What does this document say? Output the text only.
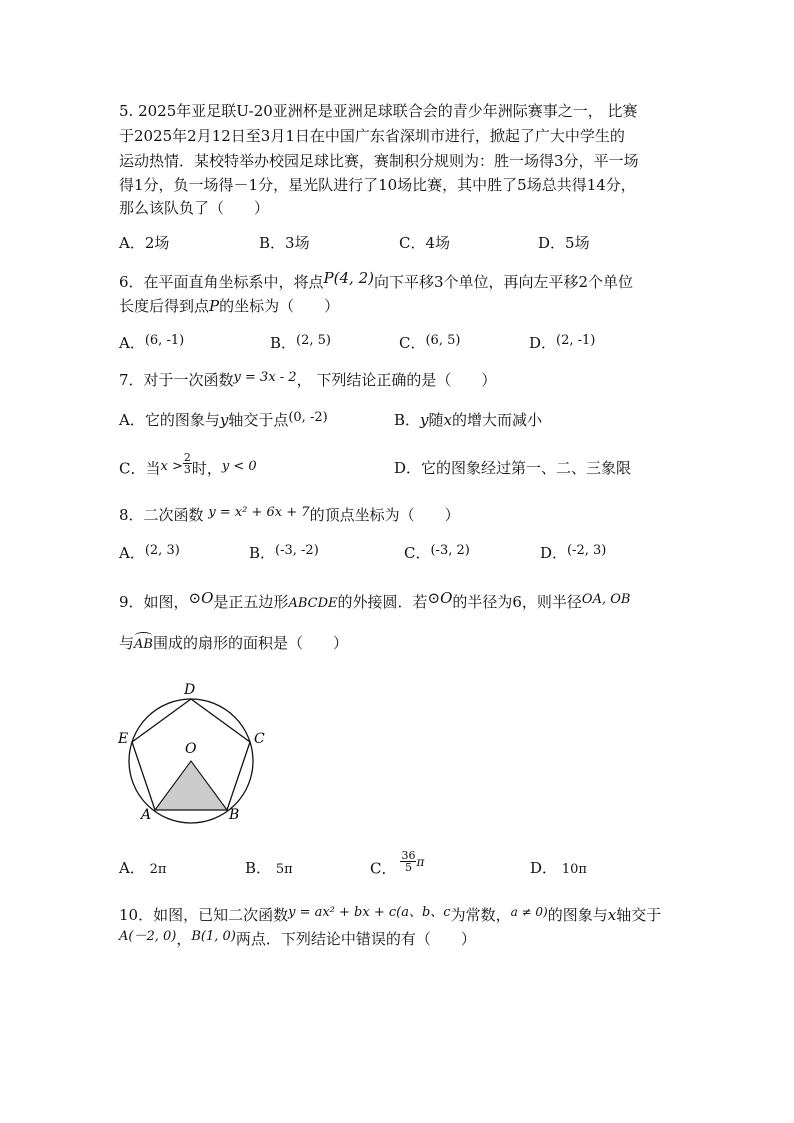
5. 2025年亚足联U-20亚洲杯是亚洲足球联合会的青少年洲际赛事之一， 比赛
于2025年2月12日至3月1日在中国广东省深圳市进行，掀起了广大中学生的
运动热情．某校特举办校园足球比赛，赛制积分规则为：胜一场得3分，平一场
得1分，负一场得－1分，星光队进行了10场比赛，其中胜了5场总共得14分，
那么该队负了（　　）
A．2场	B．3场	C．4场	D．5场
6．在平面直角坐标系中，将点P(4, 2)向下平移3个单位，再向左平移2个单位
长度后得到点P的坐标为（　　）
A．(6, -1)	B．(2, 5)	C．(6, 5)	D．(2, -1)
7．对于一次函数y = 3x - 2， 下列结论正确的是（　　）
A．它的图象与y轴交于点(0, -2)	B．y随x的增大而减小
C．当$x > \frac{2}{3}$ 时，y < 0	D．它的图象经过第一、二、三象限
8．二次函数 y = x² + 6x + 7的顶点坐标为（　　）
A．(2, 3)	B．(-3, -2)	C．(-3, 2)	D．(-2, 3)
9．如图，⊙O是正五边形ABCDE的外接圆．若⊙O的半径为6，则半径OA, OB
与AB围成的扇形的面积是（　　）
D
E	C
O
A	B
A． 2π	B． 5π	C． $\frac{36}{5} ^\pi$	D． 10π
10．如图，已知二次函数y = ax² + bx + c(a、b、c为常数，$^{a \ne 0)}$的图象与x轴交于
A(－2, 0)，B(1, 0)两点．下列结论中错误的有（　　）
